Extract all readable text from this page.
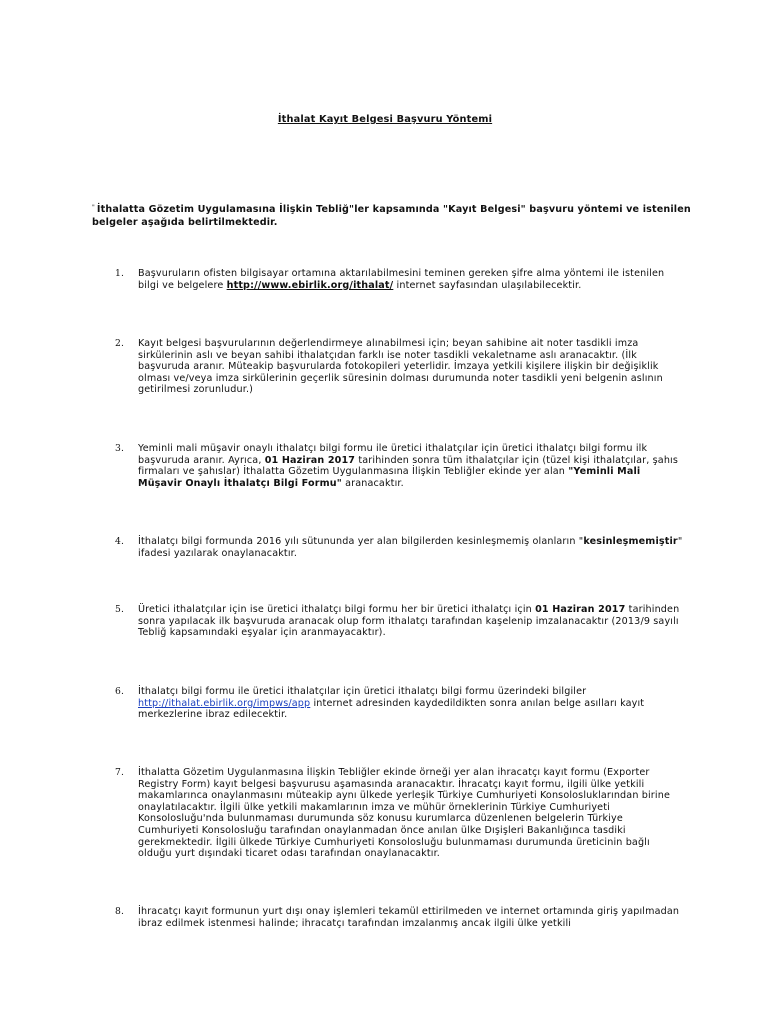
İthalat Kayıt Belgesi Başvuru Yöntemi
" İthalatta Gözetim Uygulamasına İlişkin Tebliğ"ler kapsamında "Kayıt Belgesi" başvuru yöntemi ve istenilen belgeler aşağıda belirtilmektedir.
1. Başvuruların ofisten bilgisayar ortamına aktarılabilmesini teminen gereken şifre alma yöntemi ile istenilen bilgi ve belgelere http://www.ebirlik.org/ithalat/ internet sayfasından ulaşılabilecektir.
2. Kayıt belgesi başvurularının değerlendirmeye alınabilmesi için; beyan sahibine ait noter tasdikli imza sirkülerinin aslı ve beyan sahibi ithalatçıdan farklı ise noter tasdikli vekaletname aslı aranacaktır. (İlk başvuruda aranır. Müteakip başvurularda fotokopileri yeterlidir. İmzaya yetkili kişilere ilişkin bir değişiklik olması ve/veya imza sirkülerinin geçerlik süresinin dolması durumunda noter tasdikli yeni belgenin aslının getirilmesi zorunludur.)
3. Yeminli mali müşavir onaylı ithalatçı bilgi formu ile üretici ithalatçılar için üretici ithalatçı bilgi formu ilk başvuruda aranır. Ayrıca, 01 Haziran 2017 tarihinden sonra tüm ithalatçılar için (tüzel kişi ithalatçılar, şahıs firmaları ve şahıslar) İthalatta Gözetim Uygulanmasına İlişkin Tebliğler ekinde yer alan "Yeminli Mali Müşavir Onaylı İthalatçı Bilgi Formu" aranacaktır.
4. İthalatçı bilgi formunda 2016 yılı sütununda yer alan bilgilerden kesinleşmemiş olanların "kesinleşmemiştir" ifadesi yazılarak onaylanacaktır.
5. Üretici ithalatçılar için ise üretici ithalatçı bilgi formu her bir üretici ithalatçı için 01 Haziran 2017 tarihinden sonra yapılacak ilk başvuruda aranacak olup form ithalatçı tarafından kaşelenip imzalanacaktır (2013/9 sayılı Tebliğ kapsamındaki eşyalar için aranmayacaktır).
6. İthalatçı bilgi formu ile üretici ithalatçılar için üretici ithalatçı bilgi formu üzerindeki bilgiler http://ithalat.ebirlik.org/impws/app internet adresinden kaydedildikten sonra anılan belge asılları kayıt merkezlerine ibraz edilecektir.
7. İthalatta Gözetim Uygulanmasına İlişkin Tebliğler ekinde örneği yer alan ihracatçı kayıt formu (Exporter Registry Form) kayıt belgesi başvurusu aşamasında aranacaktır. İhracatçı kayıt formu, ilgili ülke yetkili makamlarınca onaylanmasını müteakip aynı ülkede yerleşik Türkiye Cumhuriyeti Konsolosluklarından birine onaylatılacaktır. İlgili ülke yetkili makamlarının imza ve mühür örneklerinin Türkiye Cumhuriyeti Konsolosluğu'nda bulunmaması durumunda söz konusu kurumlarca düzenlenen belgelerin Türkiye Cumhuriyeti Konsolosluğu tarafından onaylanmadan önce anılan ülke Dışişleri Bakanlığınca tasdiki gerekmektedir. İlgili ülkede Türkiye Cumhuriyeti Konsolosluğu bulunmaması durumunda üreticinin bağlı olduğu yurt dışındaki ticaret odası tarafından onaylanacaktır.
8. İhracatçı kayıt formunun yurt dışı onay işlemleri tekamül ettirilmeden ve internet ortamında giriş yapılmadan ibraz edilmek istenmesi halinde; ihracatçı tarafından imzalanmış ancak ilgili ülke yetkili
